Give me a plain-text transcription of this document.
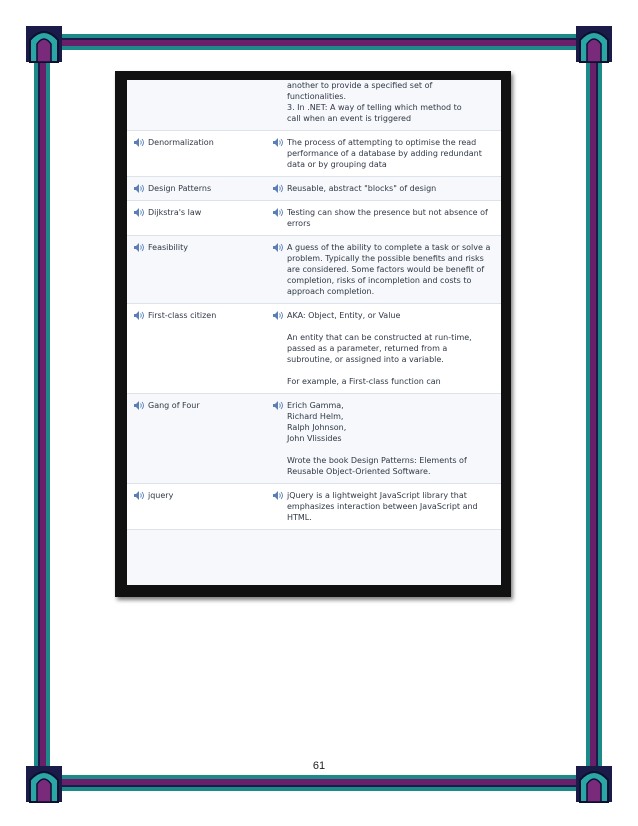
another to provide a specified set of
functionalities.
3. In .NET: A way of telling which method to
call when an event is triggered
Denormalization	The process of attempting to optimise the read performance of a database by adding redundant data or by grouping data

Design Patterns	Reusable, abstract "blocks" of design

Dijkstra's law	Testing can show the presence but not absence of errors

Feasibility	A guess of the ability to complete a task or solve a problem. Typically the possible benefits and risks are considered. Some factors would be benefit of completion, risks of incompletion and costs to approach completion.

First-class citizen	AKA: Object, Entity, or Value

An entity that can be constructed at run-time, passed as a parameter, returned from a subroutine, or assigned into a variable.

For example, a First-class function can

Gang of Four	Erich Gamma,
Richard Helm,
Ralph Johnson,
John Vlissides

Wrote the book Design Patterns: Elements of Reusable Object-Oriented Software.

jquery	jQuery is a lightweight JavaScript library that emphasizes interaction between JavaScript and HTML.

61
